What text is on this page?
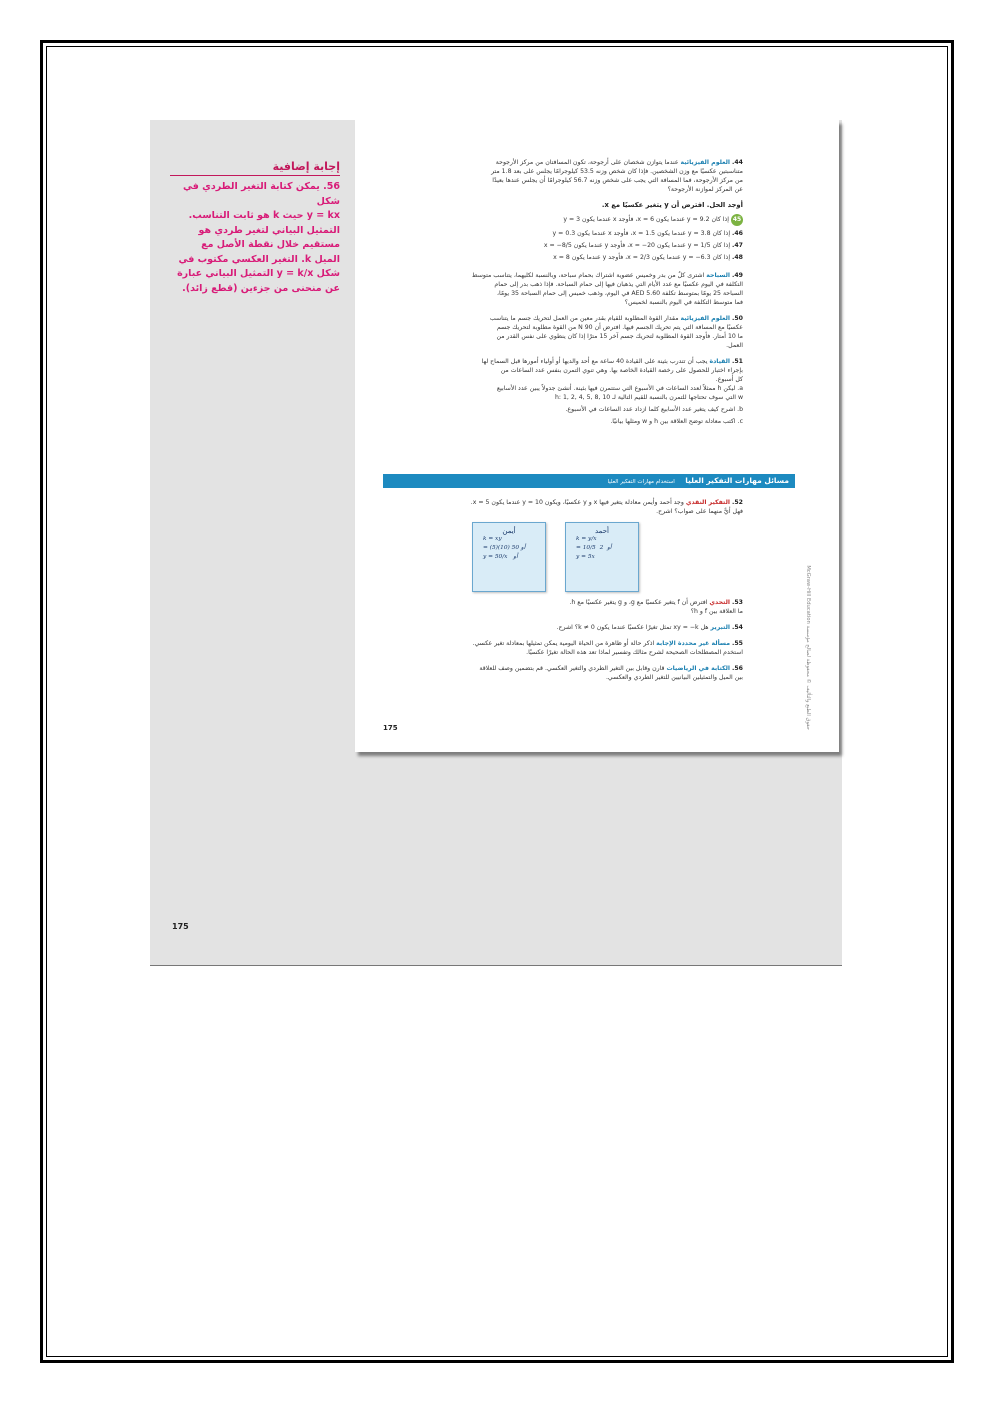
إجابة إضافية
56. يمكن كتابة التغير الطردي في شكل
y = kx حيث k هو ثابت التناسب.
التمثيل البياني لتغير طردي هو
مستقيم خلال نقطة الأصل مع
الميل k. التغير العكسي مكتوب في
شكل y = k/x التمثيل البياني عبارة
عن منحنى من جزءين (قطع زائد).
44. العلوم الفيزيائية عندما يتوازن شخصان على أرجوحة، تكون المسافتان من مركز الأرجوحة
متناسبتين عكسيًا مع وزن الشخصين. فإذا كان شخص وزنه 53.5 كيلوجرامًا يجلس على بعد 1.8 متر
من مركز الأرجوحة، فما المسافة التي يجب على شخص وزنه 56.7 كيلوجرامًا أن يجلس عندها بعيدًا
عن المركز لموازنة الأرجوحة؟
أوجد الحل. افترض أن y يتغير عكسيًا مع x.
45 إذا كان y = 9.2 عندما يكون x = 6، فأوجد x عندما يكون y = 3
46. إذا كان y = 3.8 عندما يكون x = 1.5، فأوجد x عندما يكون y = 0.3
47. إذا كان y = 1/5 عندما يكون x = −20، فأوجد y عندما يكون x = −8/5
48. إذا كان y = −6.3 عندما يكون x = 2/3، فأوجد y عندما يكون x = 8
49. السباحة اشترى كلٌ من بدر وخميس عضوية اشتراك بحمام سباحة، وبالنسبة لكليهما، يتناسب متوسط
التكلفة في اليوم عكسيًا مع عدد الأيام التي يذهبان فيها إلى حمام السباحة. فإذا ذهب بدر إلى حمام
السباحة 25 يومًا بمتوسط تكلفة AED 5.60 في اليوم، وذهب خميس إلى حمام السباحة 35 يومًا،
فما متوسط التكلفة في اليوم بالنسبة لخميس؟
50. العلوم الفيزيائية مقدار القوة المطلوبة للقيام بقدر معين من العمل لتحريك جسم ما يتناسب
عكسيًا مع المسافة التي يتم تحريك الجسم فيها. افترض أن 90 N من القوة مطلوبة لتحريك جسم
ما 10 أمتار. فأوجد القوة المطلوبة لتحريك جسم آخر 15 مترًا إذا كان ينطوي على نفس القدر من
العمل.
51. القيادة يجب أن تتدرب بثينة على القيادة 40 ساعة مع أحد والديها أو أولياء أمورها قبل السماح لها
بإجراء اختبار للحصول على رخصة القيادة الخاصة بها. وهي تنوي التمرن بنفس عدد الساعات من
كل أسبوع.
a. ليكن h ممثلاً لعدد الساعات في الأسبوع التي ستتمرن فيها بثينة. أنشئ جدولاً يبين عدد الأسابيع
w التي سوف تحتاجها للتمرن بالنسبة للقيم التالية لـ h: 1, 2, 4, 5, 8, 10
b. اشرح كيف يتغير عدد الأسابيع كلما ازداد عدد الساعات في الأسبوع.
c. اكتب معادلة توضح العلاقة بين h و w ومثلها بيانيًا.
مسائل مهارات التفكير العليا استخدام مهارات التفكير العليا
52. التفكير النقدي وجد أحمد وأيمن معادلة يتغير فيها x و y عكسيًا، ويكون y = 10 عندما يكون x = 5.
فهل أيٌّ منهما على صواب؟ اشرح.
أحمد
k = y/x
= 10/5 2 أو
y = 5x
أيمن
k = xy
= (5)(10) أو 50
y = 50/x أو
53. التحدي افترض أن f يتغير عكسيًا مع g، و g يتغير عكسيًا مع h.
ما العلاقة بين f و h؟
54. التبرير هل xy = −k تمثل تغيرًا عكسيًا عندما يكون k ≠ 0؟ اشرح.
55. مسألة غير محددة الإجابة اذكر حالة أو ظاهرة من الحياة اليومية يمكن تمثيلها بمعادلة تغير عكسي.
استخدم المصطلحات الصحيحة لشرح مثالك وتفسير لماذا تعد هذه الحالة تغيرًا عكسيًا.
56. الكتابة في الرياضيات قارن وقابل بين التغير الطردي والتغير العكسي. قم بتضمين وصف للعلاقة
بين الميل والتمثيلين البيانيين للتغير الطردي والعكسي.
حقوق الطبع والتأليف © محفوظة لصالح مؤسسة McGraw-Hill Education
175
175
